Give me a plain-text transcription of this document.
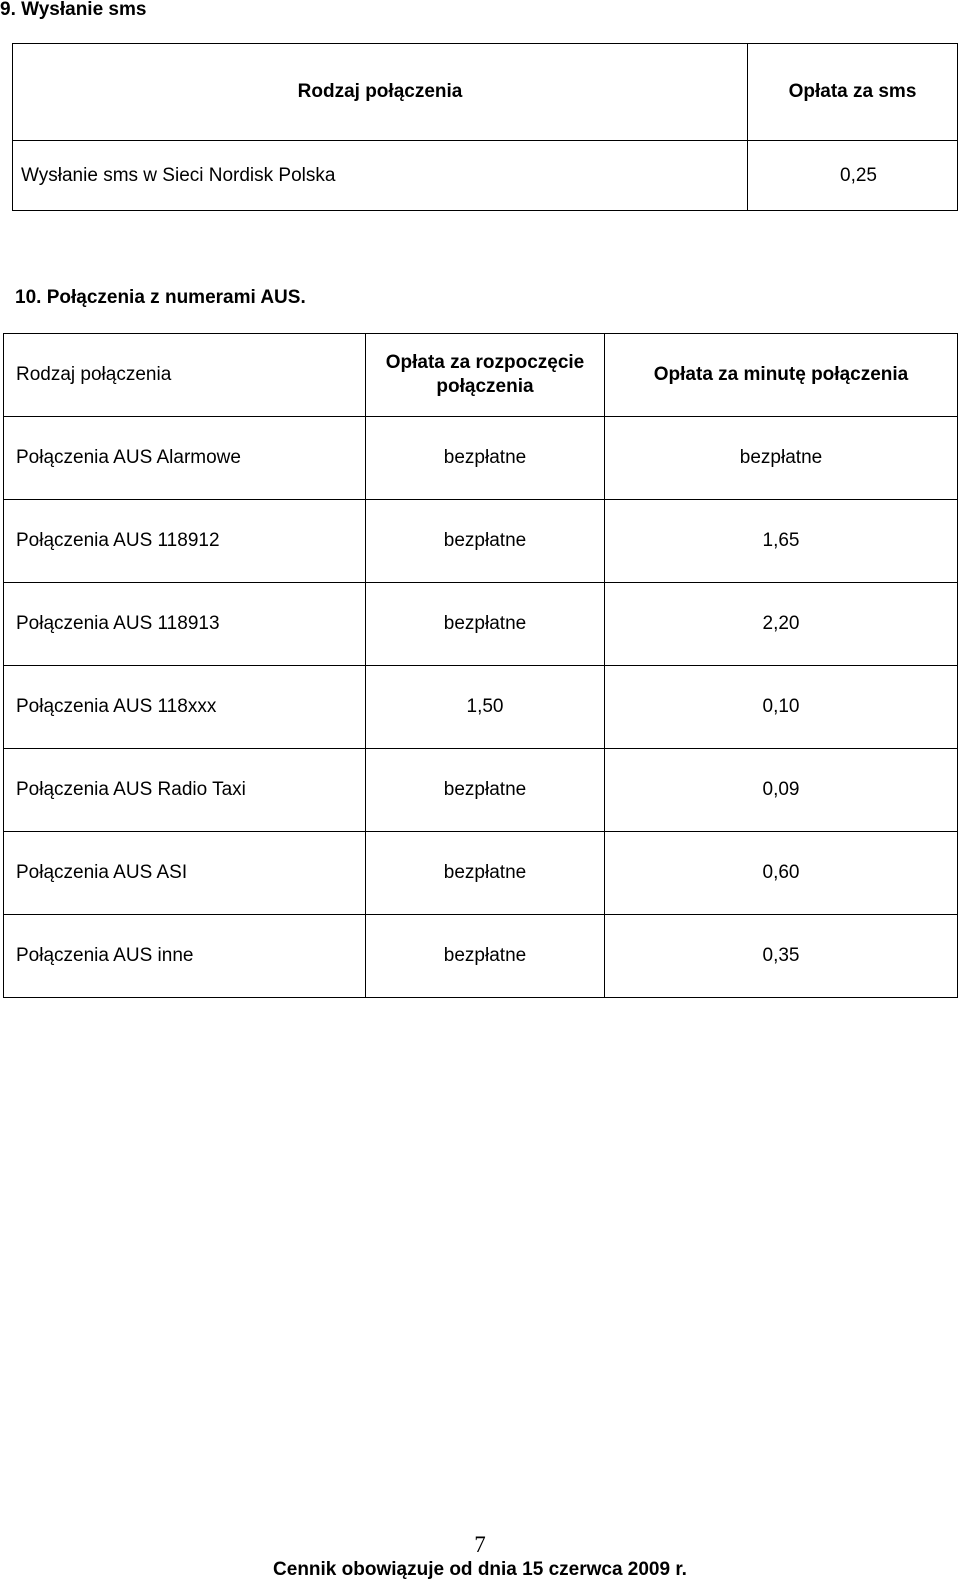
9. Wysłanie sms
Rodzaj połączenia	Opłata za sms
Wysłanie sms w Sieci Nordisk Polska	0,25
10. Połączenia z numerami AUS.
Rodzaj połączenia	Opłata za rozpoczęcie połączenia	Opłata za minutę połączenia
Połączenia AUS Alarmowe	bezpłatne	bezpłatne
Połączenia AUS 118912	bezpłatne	1,65
Połączenia AUS 118913	bezpłatne	2,20
Połączenia AUS 118xxx	1,50	0,10
Połączenia AUS Radio Taxi	bezpłatne	0,09
Połączenia AUS ASI	bezpłatne	0,60
Połączenia AUS inne	bezpłatne	0,35
7
Cennik obowiązuje od dnia 15 czerwca 2009 r.
